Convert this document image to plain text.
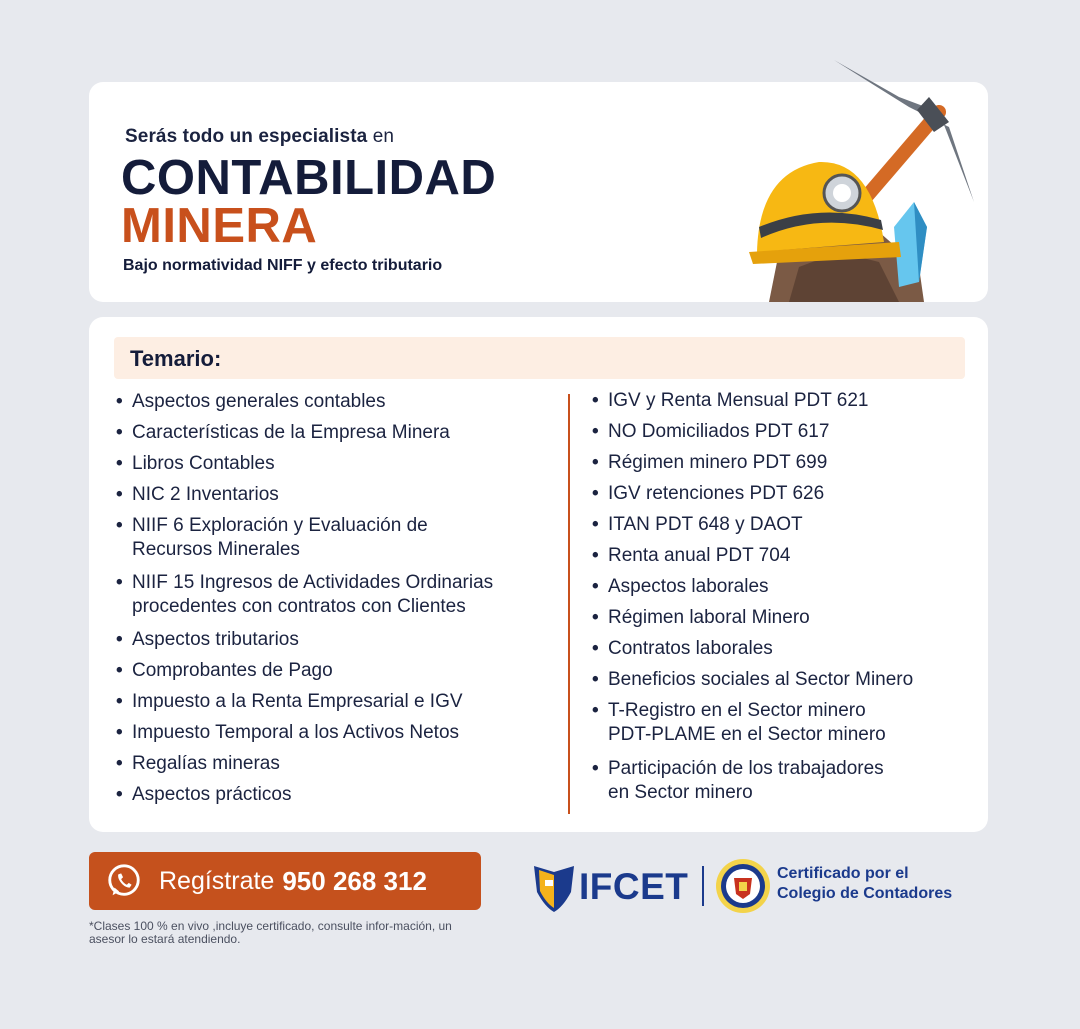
Serás todo un especialista en
CONTABILIDAD
MINERA
Bajo normatividad NIFF y efecto tributario
Temario:
• Aspectos generales contables
• Características de la Empresa Minera
• Libros Contables
• NIC 2 Inventarios
• NIIF 6 Exploración y Evaluación de
Recursos Minerales
• NIIF 15 Ingresos de Actividades Ordinarias
procedentes con contratos con Clientes
• Aspectos tributarios
• Comprobantes de Pago
• Impuesto a la Renta Empresarial e IGV
• Impuesto Temporal a los Activos Netos
• Regalías mineras
• Aspectos prácticos
• IGV y Renta Mensual PDT 621
• NO Domiciliados PDT 617
• Régimen minero PDT 699
• IGV retenciones PDT 626
• ITAN PDT 648 y DAOT
• Renta anual PDT 704
• Aspectos laborales
• Régimen laboral Minero
• Contratos laborales
• Beneficios sociales al Sector Minero
• T-Registro en el Sector minero
PDT-PLAME en el Sector minero
• Participación de los trabajadores
en Sector minero
Regístrate 950 268 312
*Clases 100 % en vivo ,incluye certificado, consulte infor-mación, un asesor lo estará atendiendo.
IFCET	Certificado por el
Colegio de Contadores
